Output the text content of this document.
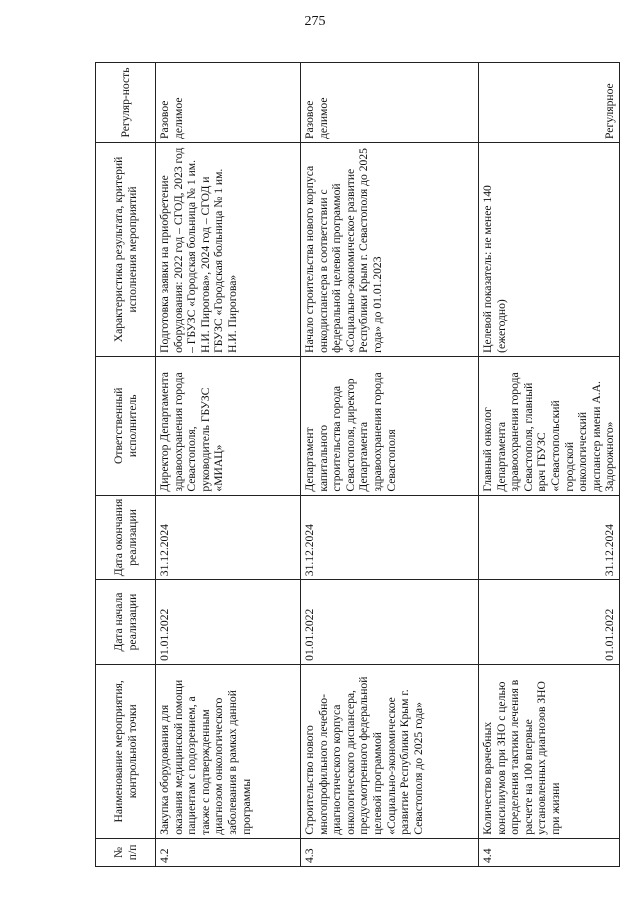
275
№ п/п	Наименование мероприятия, контрольной точки	Дата начала реализации	Дата окончания реализации	Ответственный исполнитель	Характеристика результата, критерий исполнения мероприятий	Регуляр-ность
4.2	Закупка оборудования для оказания медицинской помощи пациентам с подозрением, а также с подтвержденным диагнозом онкологического заболевания в рамках данной программы	01.01.2022	31.12.2024	Директор Департамента здравоохранения города Севастополя, руководитель ГБУЗС «МИАЦ»	Подготовка заявки на приобретение оборудования: 2022 год – СГОД, 2023 год – ГБУЗС «Городская больница № 1 им. Н.И. Пирогова», 2024 год – СГОД и ГБУЗС «Городская больница № 1 им. Н.И. Пирогова»	Разовое делимое
4.3	Строительство нового многопрофильного лечебно-диагностического корпуса онкологического диспансера, предусмотренного федеральной целевой программой «Социально-экономическое развитие Республики Крым г. Севастополя до 2025 года»	01.01.2022	31.12.2024	Департамент капитального строительства города Севастополя, директор Департамента здравоохранения города Севастополя	Начало строительства нового корпуса онкодиспансера в соответствии с федеральной целевой программой «Социально-экономическое развитие Республики Крым г. Севастополя до 2025 года» до 01.01.2023	Разовое делимое
4.4	Количество врачебных консилиумов при ЗНО с целью определения тактики лечения в расчете на 100 впервые установленных диагнозов ЗНО при жизни	01.01.2022	31.12.2024	Главный онколог Департамента здравоохранения города Севастополя, главный врач ГБУЗС «Севастопольский городской онкологический диспансер имени А.А. Задорожного»	Целевой показатель: не менее 140 (ежегодно)	Регулярное
